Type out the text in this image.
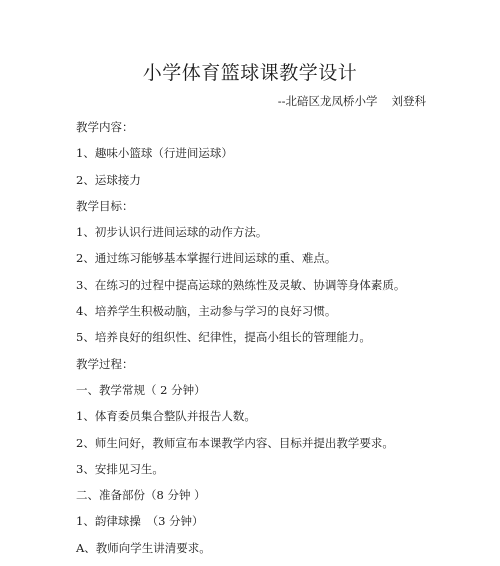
小学体育篮球课教学设计
--北碚区龙凤桥小学 刘登科
教学内容：
1、趣味小篮球（行进间运球）
2、运球接力
教学目标：
1、初步认识行进间运球的动作方法。
2、通过练习能够基本掌握行进间运球的重、难点。
3、在练习的过程中提高运球的熟练性及灵敏、协调等身体素质。
4、培养学生积极动脑，主动参与学习的良好习惯。
5、培养良好的组织性、纪律性，提高小组长的管理能力。
教学过程：
一、教学常规（ 2 分钟）
1、体育委员集合整队并报告人数。
2、师生问好，教师宣布本课教学内容、目标并提出教学要求。
3、安排见习生。
二、准备部份（8 分钟 ）
1、韵律球操　（3 分钟）
A、教师向学生讲清要求。
